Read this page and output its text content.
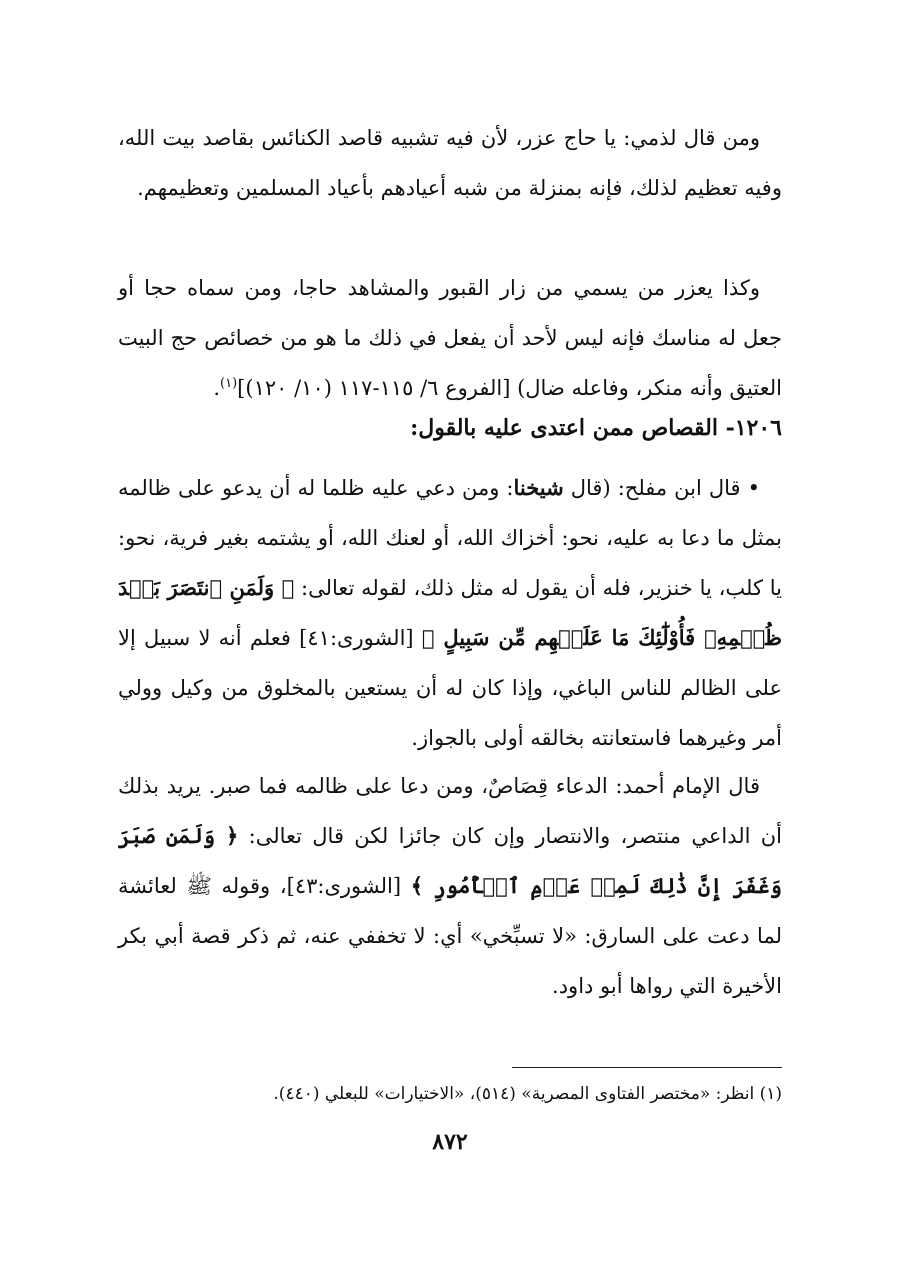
ومن قال لذمي: يا حاج عزر، لأن فيه تشبيه قاصد الكنائس بقاصد بيت الله، وفيه تعظيم لذلك، فإنه بمنزلة من شبه أعيادهم بأعياد المسلمين وتعظيمهم.

وكذا يعزر من يسمي من زار القبور والمشاهد حاجا، ومن سماه حجا أو جعل له مناسك فإنه ليس لأحد أن يفعل في ذلك ما هو من خصائص حج البيت العتيق وأنه منكر، وفاعله ضال) [الفروع ٦/ ١١٥-١١٧ (١٠/ ١٢٠)]$^{(١)}$.

١٢٠٦- القصاص ممن اعتدى عليه بالقول:

• قال ابن مفلح: (قال شيخنا: ومن دعي عليه ظلما له أن يدعو على ظالمه بمثل ما دعا به عليه، نحو: أخزاك الله، أو لعنك الله، أو يشتمه بغير فرية، نحو: يا كلب، يا خنزير، فله أن يقول له مثل ذلك، لقوله تعالى: ﴿ وَلَمَنِ ٱنتَصَرَ بَعۡدَ ظُلۡمِهِۦ فَأُوْلَٰٓئِكَ مَا عَلَيۡهِم مِّن سَبِيلٍ ﴾ [الشورى:٤١] فعلم أنه لا سبيل إلا على الظالم للناس الباغي، وإذا كان له أن يستعين بالمخلوق من وكيل وولي أمر وغيرهما فاستعانته بخالقه أولى بالجواز.

قال الإمام أحمد: الدعاء قِصَاصٌ، ومن دعا على ظالمه فما صبر. يريد بذلك أن الداعي منتصر، والانتصار وإن كان جائزا لكن قال تعالى: ﴿ وَلَمَن صَبَرَ وَغَفَرَ إِنَّ ذَٰلِكَ لَمِنۡ عَزۡمِ ٱلۡأُمُورِ ﴾ [الشورى:٤٣]، وقوله ﷺ لعائشة لما دعت على السارق: «لا تسبِّخي» أي: لا تخففي عنه، ثم ذكر قصة أبي بكر الأخيرة التي رواها أبو داود.

(١) انظر: «مختصر الفتاوى المصرية» (٥١٤)، «الاختيارات» للبعلي (٤٤٠).

٨٧٢
